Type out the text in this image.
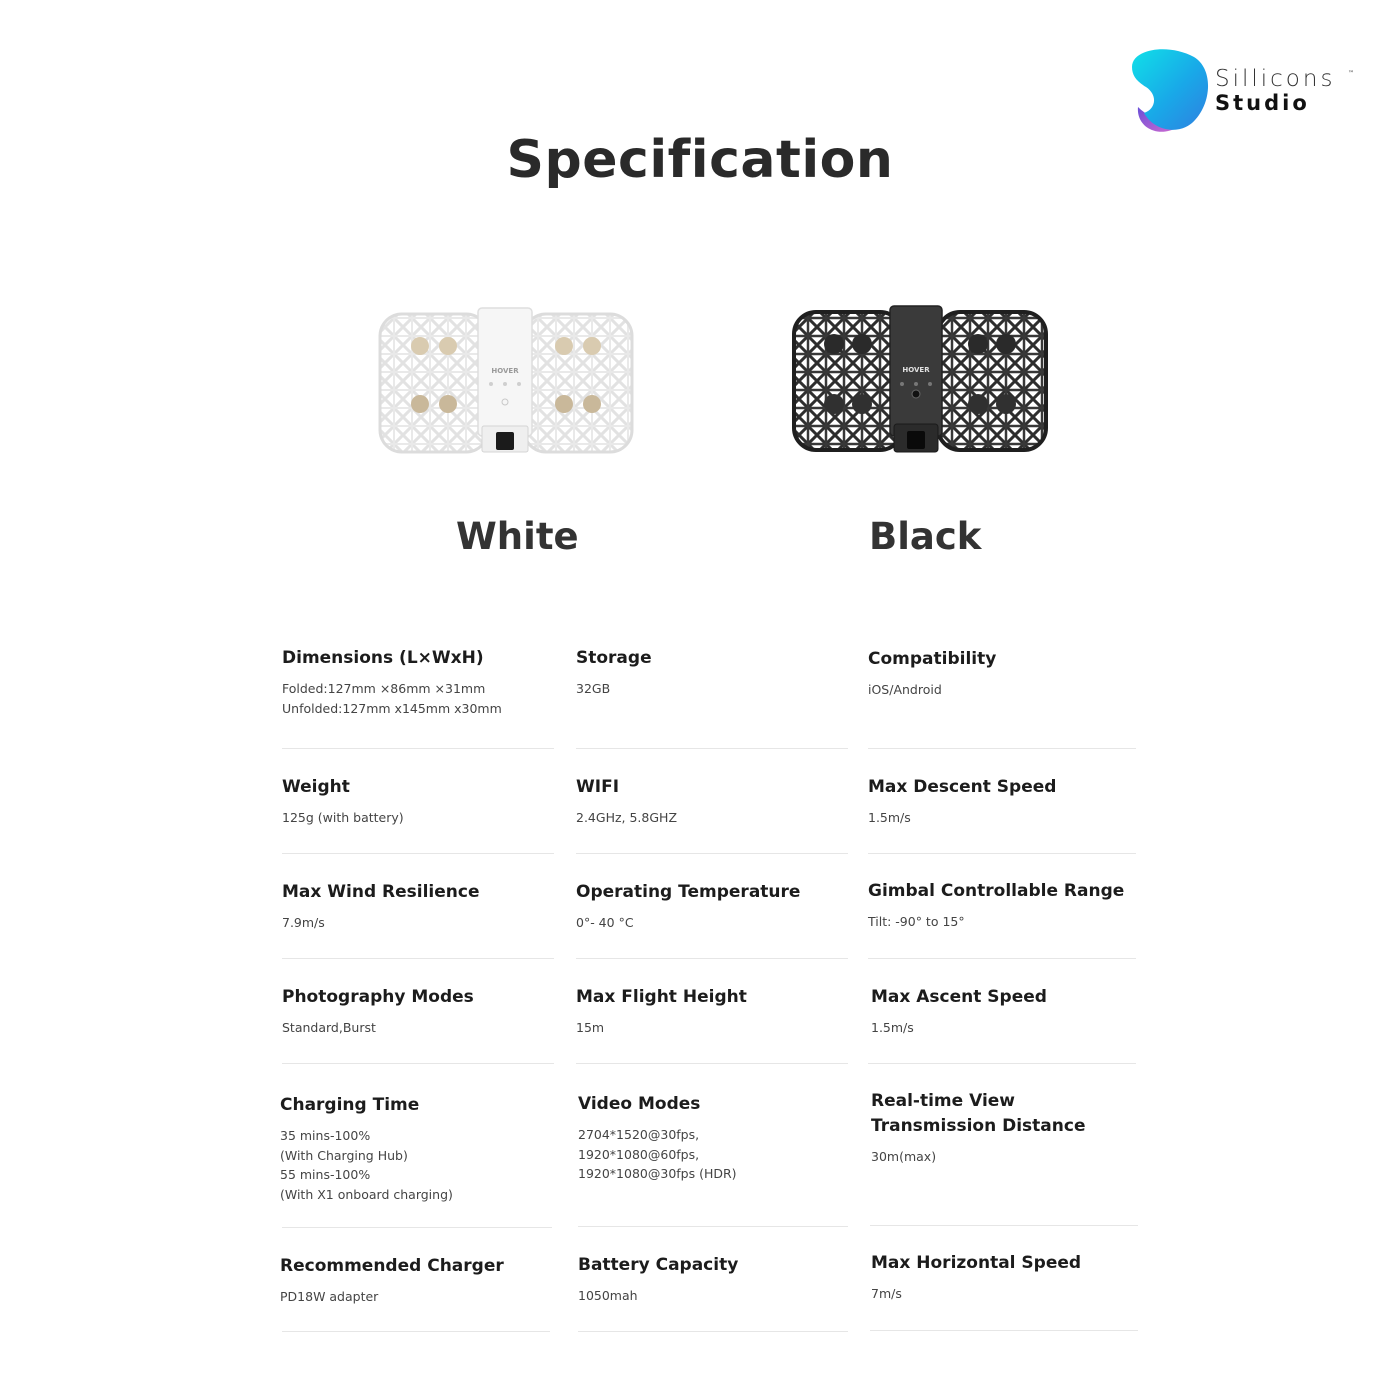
Sillicons ™
Studio
Specification
HOVER	HOVER
White	Black
Dimensions (L×WxH)
Folded:127mm ×86mm ×31mm
Unfolded:127mm x145mm x30mm
Storage
32GB
Compatibility
iOS/Android
Weight
125g (with battery)
WIFI
2.4GHz, 5.8GHZ
Max Descent Speed
1.5m/s
Max Wind Resilience
7.9m/s
Operating Temperature
0°- 40 °C
Gimbal Controllable Range
Tilt: -90° to 15°
Photography Modes
Standard,Burst
Max Flight Height
15m
Max Ascent Speed
1.5m/s
Charging Time
35 mins-100%
(With Charging Hub)
55 mins-100%
(With X1 onboard charging)
Video Modes
2704*1520@30fps,
1920*1080@60fps,
1920*1080@30fps (HDR)
Real-time View
Transmission Distance
30m(max)
Recommended Charger
PD18W adapter
Battery Capacity
1050mah
Max Horizontal Speed
7m/s
